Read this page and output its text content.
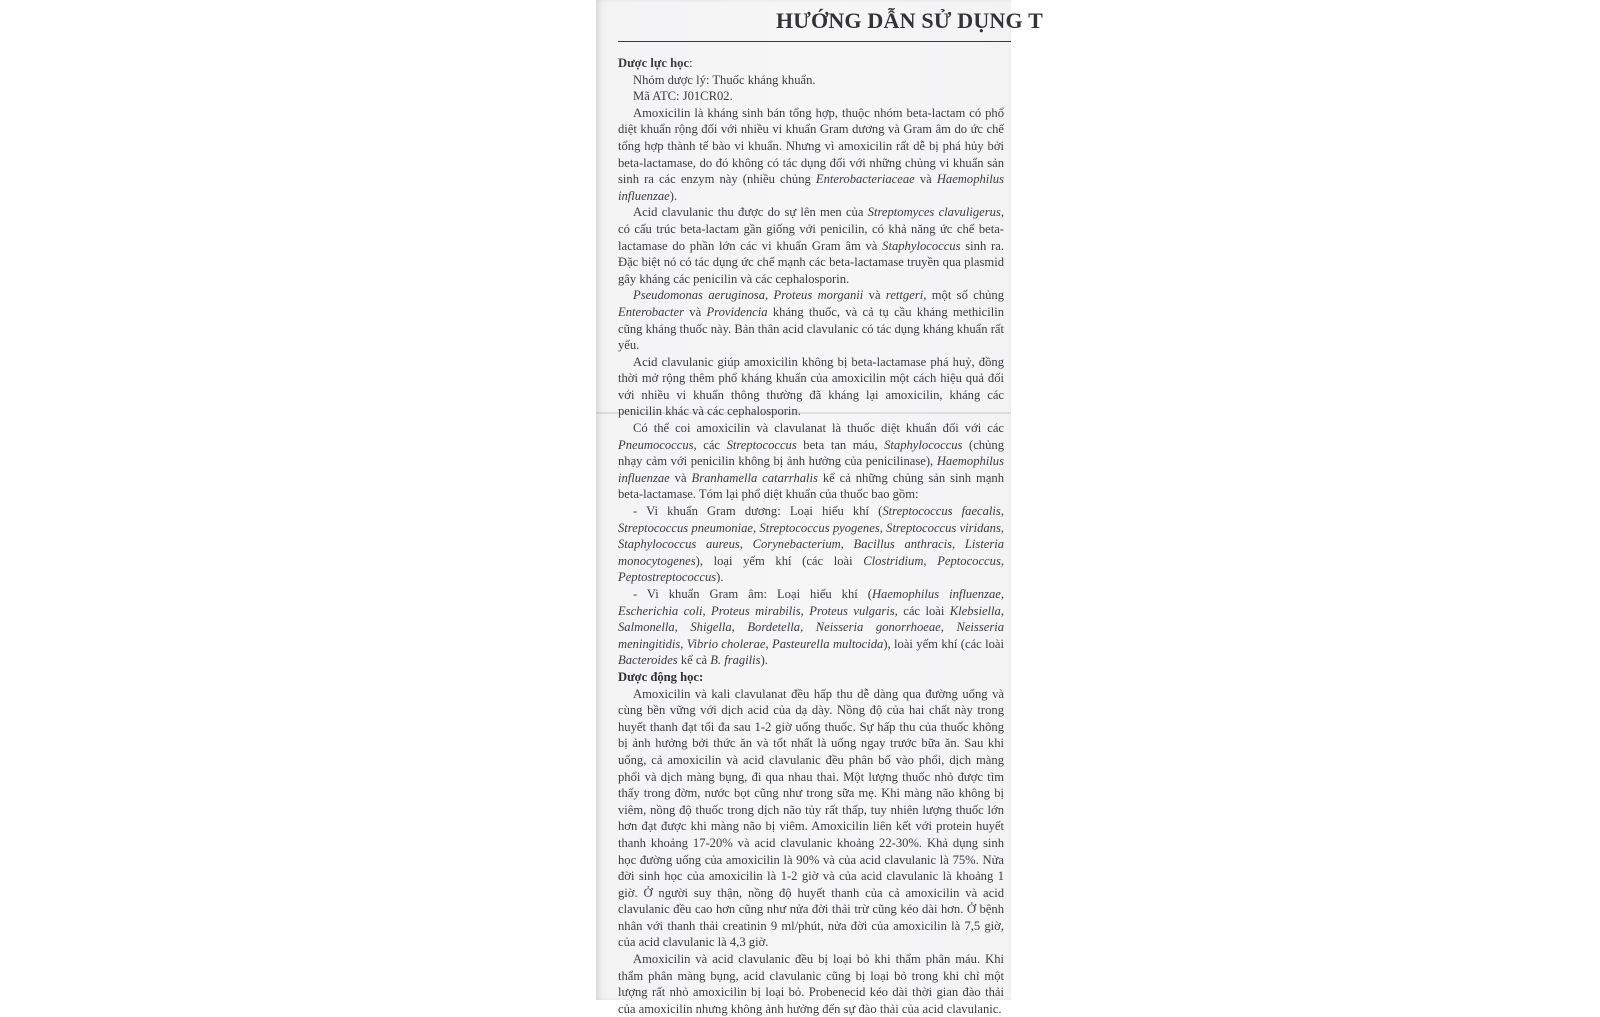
HƯỚNG DẪN SỬ DỤNG T

Dược lực học:

Nhóm dược lý: Thuốc kháng khuẩn.

Mã ATC: J01CR02.

Amoxicilin là kháng sinh bán tổng hợp, thuộc nhóm beta-lactam có phổ diệt khuẩn rộng đối với nhiều vi khuẩn Gram dương và Gram âm do ức chế tổng hợp thành tế bào vi khuẩn. Nhưng vì amoxicilin rất dễ bị phá hủy bởi beta-lactamase, do đó không có tác dụng đối với những chủng vi khuẩn sản sinh ra các enzym này (nhiều chủng Enterobacteriaceae và Haemophilus influenzae).

Acid clavulanic thu được do sự lên men của Streptomyces clavuligerus, có cấu trúc beta-lactam gần giống với penicilin, có khả năng ức chế beta-lactamase do phần lớn các vi khuẩn Gram âm và Staphylococcus sinh ra. Đặc biệt nó có tác dụng ức chế mạnh các beta-lactamase truyền qua plasmid gây kháng các penicilin và các cephalosporin.

Pseudomonas aeruginosa, Proteus morganii và rettgeri, một số chủng Enterobacter và Providencia kháng thuốc, và cả tụ cầu kháng methicilin cũng kháng thuốc này. Bản thân acid clavulanic có tác dụng kháng khuẩn rất yếu.

Acid clavulanic giúp amoxicilin không bị beta-lactamase phá huỷ, đồng thời mở rộng thêm phổ kháng khuẩn của amoxicilin một cách hiệu quả đối với nhiều vi khuẩn thông thường đã kháng lại amoxicilin, kháng các penicilin khác và các cephalosporin.

Có thể coi amoxicilin và clavulanat là thuốc diệt khuẩn đối với các Pneumococcus, các Streptococcus beta tan máu, Staphylococcus (chủng nhạy cảm với penicilin không bị ảnh hưởng của penicilinase), Haemophilus influenzae và Branhamella catarrhalis kể cả những chủng sản sinh mạnh beta-lactamase. Tóm lại phổ diệt khuẩn của thuốc bao gồm:

- Vi khuẩn Gram dương: Loại hiếu khí (Streptococcus faecalis, Streptococcus pneumoniae, Streptococcus pyogenes, Streptococcus viridans, Staphylococcus aureus, Corynebacterium, Bacillus anthracis, Listeria monocytogenes), loại yếm khí (các loài Clostridium, Peptococcus, Peptostreptococcus).

- Vi khuẩn Gram âm: Loại hiếu khí (Haemophilus influenzae, Escherichia coli, Proteus mirabilis, Proteus vulgaris, các loài Klebsiella, Salmonella, Shigella, Bordetella, Neisseria gonorrhoeae, Neisseria meningitidis, Vibrio cholerae, Pasteurella multocida), loài yếm khí (các loài Bacteroides kể cả B. fragilis).

Dược động học:

Amoxicilin và kali clavulanat đều hấp thu dễ dàng qua đường uống và cùng bền vững với dịch acid của dạ dày. Nồng độ của hai chất này trong huyết thanh đạt tối đa sau 1-2 giờ uống thuốc. Sự hấp thu của thuốc không bị ảnh hưởng bởi thức ăn và tốt nhất là uống ngay trước bữa ăn. Sau khi uống, cả amoxicilin và acid clavulanic đều phân bố vào phổi, dịch màng phổi và dịch màng bụng, đi qua nhau thai. Một lượng thuốc nhỏ được tìm thấy trong đờm, nước bọt cũng như trong sữa mẹ. Khi màng não không bị viêm, nồng độ thuốc trong dịch não tủy rất thấp, tuy nhiên lượng thuốc lớn hơn đạt được khi màng não bị viêm. Amoxicilin liên kết với protein huyết thanh khoảng 17-20% và acid clavulanic khoảng 22-30%. Khả dụng sinh học đường uống của amoxicilin là 90% và của acid clavulanic là 75%. Nửa đời sinh học của amoxicilin là 1-2 giờ và của acid clavulanic là khoảng 1 giờ. Ở người suy thận, nồng độ huyết thanh của cả amoxicilin và acid clavulanic đều cao hơn cũng như nửa đời thải trừ cũng kéo dài hơn. Ở bệnh nhân với thanh thải creatinin 9 ml/phút, nửa đời của amoxicilin là 7,5 giờ, của acid clavulanic là 4,3 giờ.

Amoxicilin và acid clavulanic đều bị loại bỏ khi thẩm phân máu. Khi thẩm phân màng bụng, acid clavulanic cũng bị loại bỏ trong khi chỉ một lượng rất nhỏ amoxicilin bị loại bỏ. Probenecid kéo dài thời gian đào thải của amoxicilin nhưng không ảnh hưởng đến sự đào thải của acid clavulanic.
